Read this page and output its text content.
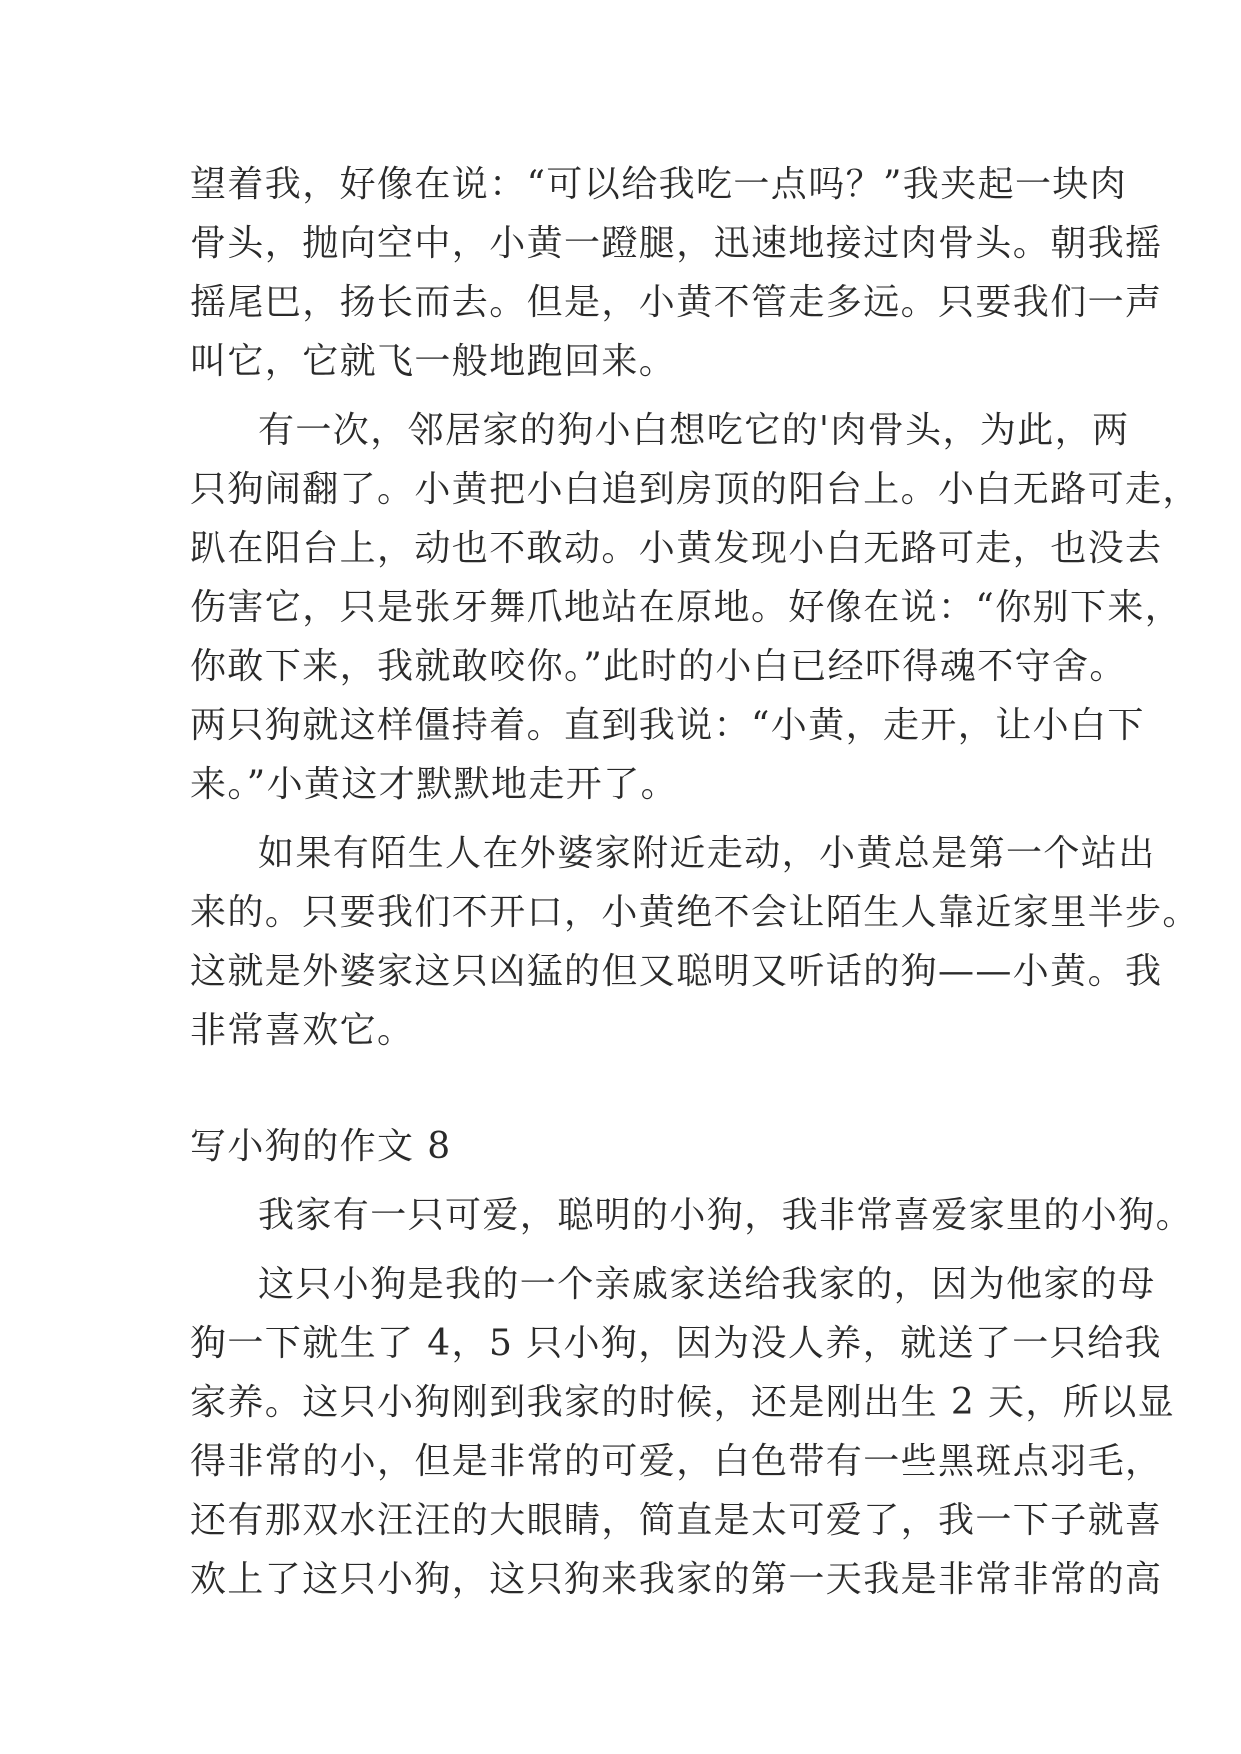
望着我，好像在说：“可以给我吃一点吗？”我夹起一块肉
骨头，抛向空中，小黄一蹬腿，迅速地接过肉骨头。朝我摇
摇尾巴，扬长而去。但是，小黄不管走多远。只要我们一声
叫它，它就飞一般地跑回来。
有一次，邻居家的狗小白想吃它的'肉骨头，为此，两
只狗闹翻了。小黄把小白追到房顶的阳台上。小白无路可走，
趴在阳台上，动也不敢动。小黄发现小白无路可走，也没去
伤害它，只是张牙舞爪地站在原地。好像在说：“你别下来，
你敢下来，我就敢咬你。”此时的小白已经吓得魂不守舍。
两只狗就这样僵持着。直到我说：“小黄，走开，让小白下
来。”小黄这才默默地走开了。
如果有陌生人在外婆家附近走动，小黄总是第一个站出
来的。只要我们不开口，小黄绝不会让陌生人靠近家里半步。
这就是外婆家这只凶猛的但又聪明又听话的狗——小黄。我
非常喜欢它。
写小狗的作文 8
我家有一只可爱，聪明的小狗，我非常喜爱家里的小狗。
这只小狗是我的一个亲戚家送给我家的，因为他家的母
狗一下就生了 4，5 只小狗，因为没人养，就送了一只给我
家养。这只小狗刚到我家的时候，还是刚出生 2 天，所以显
得非常的小，但是非常的可爱，白色带有一些黑斑点羽毛，
还有那双水汪汪的大眼睛，简直是太可爱了，我一下子就喜
欢上了这只小狗，这只狗来我家的第一天我是非常非常的高
